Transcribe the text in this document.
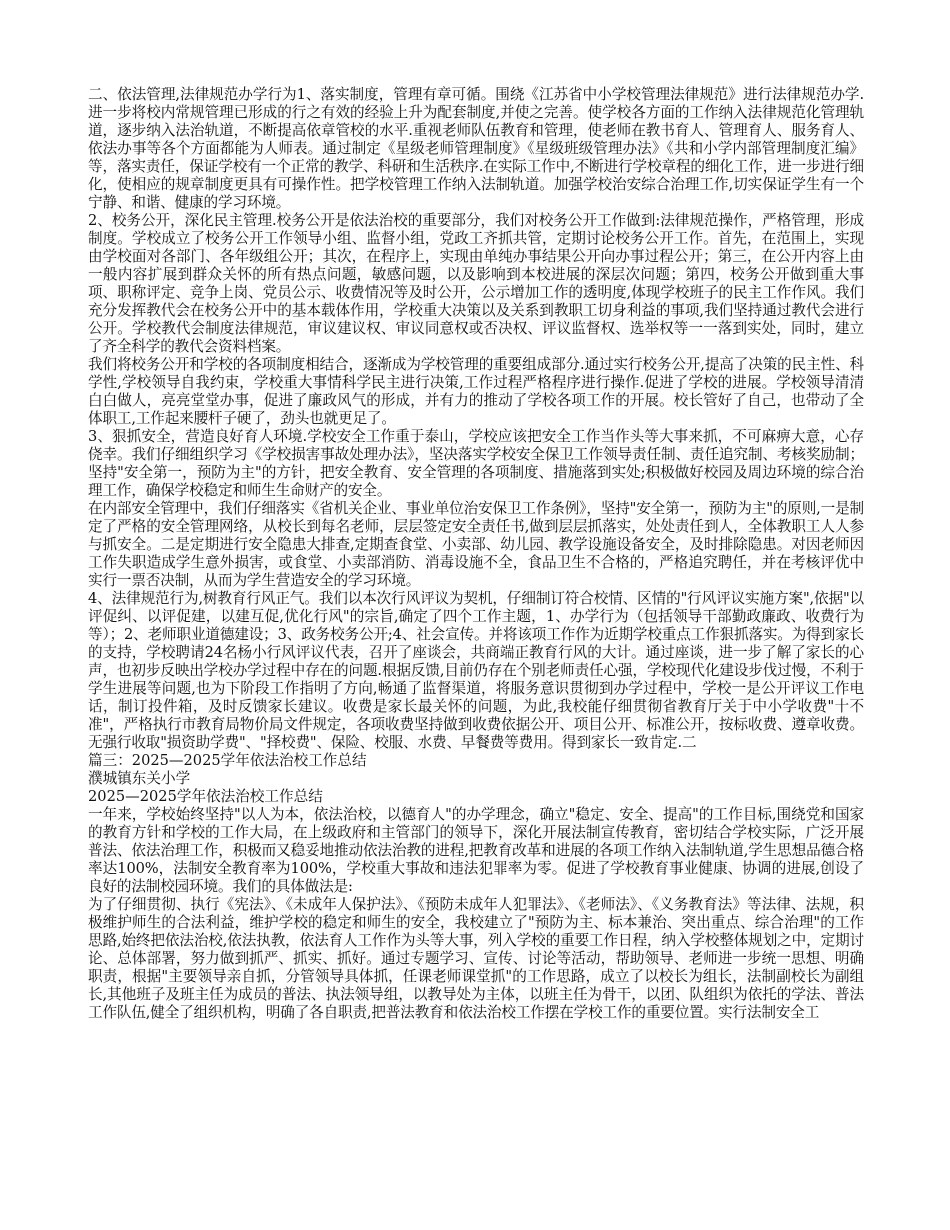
二、依法管理,法律规范办学行为1、落实制度，管理有章可循。围绕《江苏省中小学校管理法律规范》进行法律规范办学.进一步将校内常规管理已形成的行之有效的经验上升为配套制度,并使之完善。使学校各方面的工作纳入法律规范化管理轨道，逐步纳入法治轨道，不断提高依章管校的水平.重视老师队伍教育和管理，使老师在教书育人、管理育人、服务育人、依法办事等各个方面都能为人师表。通过制定《星级老师管理制度》《星级班级管理办法》《共和小学内部管理制度汇编》等，落实责任，保证学校有一个正常的教学、科研和生活秩序.在实际工作中,不断进行学校章程的细化工作，进一步进行细化，使相应的规章制度更具有可操作性。把学校管理工作纳入法制轨道。加强学校治安综合治理工作,切实保证学生有一个宁静、和谐、健康的学习环境。

2、校务公开，深化民主管理.校务公开是依法治校的重要部分，我们对校务公开工作做到:法律规范操作，严格管理，形成制度。学校成立了校务公开工作领导小组、监督小组，党政工齐抓共管，定期讨论校务公开工作。首先，在范围上，实现由学校面对各部门、各年级组公开；其次，在程序上，实现由单纯办事结果公开向办事过程公开；第三，在公开内容上由一般内容扩展到群众关怀的所有热点问题，敏感问题，以及影响到本校进展的深层次问题；第四，校务公开做到重大事项、职称评定、竞争上岗、党员公示、收费情况等及时公开，公示增加工作的透明度,体现学校班子的民主工作作风。我们充分发挥教代会在校务公开中的基本载体作用，学校重大决策以及关系到教职工切身利益的事项,我们坚持通过教代会进行公开。学校教代会制度法律规范，审议建议权、审议同意权或否决权、评议监督权、选举权等一一落到实处，同时，建立了齐全科学的教代会资料档案。

我们将校务公开和学校的各项制度相结合，逐渐成为学校管理的重要组成部分.通过实行校务公开,提高了决策的民主性、科学性,学校领导自我约束，学校重大事情科学民主进行决策,工作过程严格程序进行操作.促进了学校的进展。学校领导清清白白做人，亮亮堂堂办事，促进了廉政风气的形成，并有力的推动了学校各项工作的开展。校长管好了自己，也带动了全体职工,工作起来腰杆子硬了，劲头也就更足了。

3、狠抓安全，营造良好育人环境.学校安全工作重于泰山，学校应该把安全工作当作头等大事来抓，不可麻痹大意，心存侥幸。我们仔细组织学习《学校损害事故处理办法》，坚决落实学校安全保卫工作领导责任制、责任追究制、考核奖励制；坚持"安全第一，预防为主"的方针，把安全教育、安全管理的各项制度、措施落到实处;积极做好校园及周边环境的综合治理工作，确保学校稳定和师生生命财产的安全。

在内部安全管理中，我们仔细落实《省机关企业、事业单位治安保卫工作条例》，坚持"安全第一，预防为主"的原则,一是制定了严格的安全管理网络，从校长到每名老师，层层签定安全责任书,做到层层抓落实，处处责任到人，全体教职工人人参与抓安全。二是定期进行安全隐患大排查,定期查食堂、小卖部、幼儿园、教学设施设备安全，及时排除隐患。对因老师因工作失职造成学生意外损害，或食堂、小卖部消防、消毒设施不全，食品卫生不合格的，严格追究聘任，并在考核评优中实行一票否决制，从而为学生营造安全的学习环境。

4、法律规范行为,树教育行风正气。我们以本次行风评议为契机，仔细制订符合校情、区情的"行风评议实施方案",依据"以评促纠、以评促建，以建互促,优化行风"的宗旨,确定了四个工作主题，1、办学行为（包括领导干部勤政廉政、收费行为等）；2、老师职业道德建设；3、政务校务公开;4、社会宣传。并将该项工作作为近期学校重点工作狠抓落实。为得到家长的支持，学校聘请24名杨小行风评议代表，召开了座谈会，共商端正教育行风的大计。通过座谈，进一步了解了家长的心声，也初步反映出学校办学过程中存在的问题.根据反馈,目前仍存在个别老师责任心强，学校现代化建设步伐过慢，不利于学生进展等问题,也为下阶段工作指明了方向,畅通了监督渠道，将服务意识贯彻到办学过程中，学校一是公开评议工作电话，制订投件箱，及时反馈家长建议。收费是家长最关怀的问题，为此,我校能仔细贯彻省教育厅关于中小学收费"十不准"，严格执行市教育局物价局文件规定，各项收费坚持做到收费依据公开、项目公开、标准公开，按标收费、遵章收费。无强行收取"损资助学费"、"择校费"、保险、校服、水费、早餐费等费用。得到家长一致肯定.二

篇三：2025—2025学年依法治校工作总结

濮城镇东关小学

2025—2025学年依法治校工作总结

一年来，学校始终坚持"以人为本，依法治校，以德育人"的办学理念，确立"稳定、安全、提高"的工作目标,围绕党和国家的教育方针和学校的工作大局，在上级政府和主管部门的领导下，深化开展法制宣传教育，密切结合学校实际，广泛开展普法、依法治理工作，积极而又稳妥地推动依法治教的进程,把教育改革和进展的各项工作纳入法制轨道,学生思想品德合格率达100%，法制安全教育率为100%，学校重大事故和违法犯罪率为零。促进了学校教育事业健康、协调的进展,创设了良好的法制校园环境。我们的具体做法是:

为了仔细贯彻、执行《宪法》、《未成年人保护法》、《预防未成年人犯罪法》、《老师法》、《义务教育法》等法律、法规，积极维护师生的合法利益，维护学校的稳定和师生的安全，我校建立了"预防为主、标本兼治、突出重点、综合治理"的工作思路,始终把依法治校,依法执教，依法育人工作作为头等大事，列入学校的重要工作日程，纳入学校整体规划之中，定期讨论、总体部署，努力做到抓严、抓实、抓好。通过专题学习、宣传、讨论等活动，帮助领导、老师进一步统一思想、明确职责，根据"主要领导亲自抓，分管领导具体抓，任课老师课堂抓"的工作思路，成立了以校长为组长，法制副校长为副组长,其他班子及班主任为成员的普法、执法领导组，以教导处为主体，以班主任为骨干，以团、队组织为依托的学法、普法工作队伍,健全了组织机构，明确了各自职责,把普法教育和依法治校工作摆在学校工作的重要位置。实行法制安全工
